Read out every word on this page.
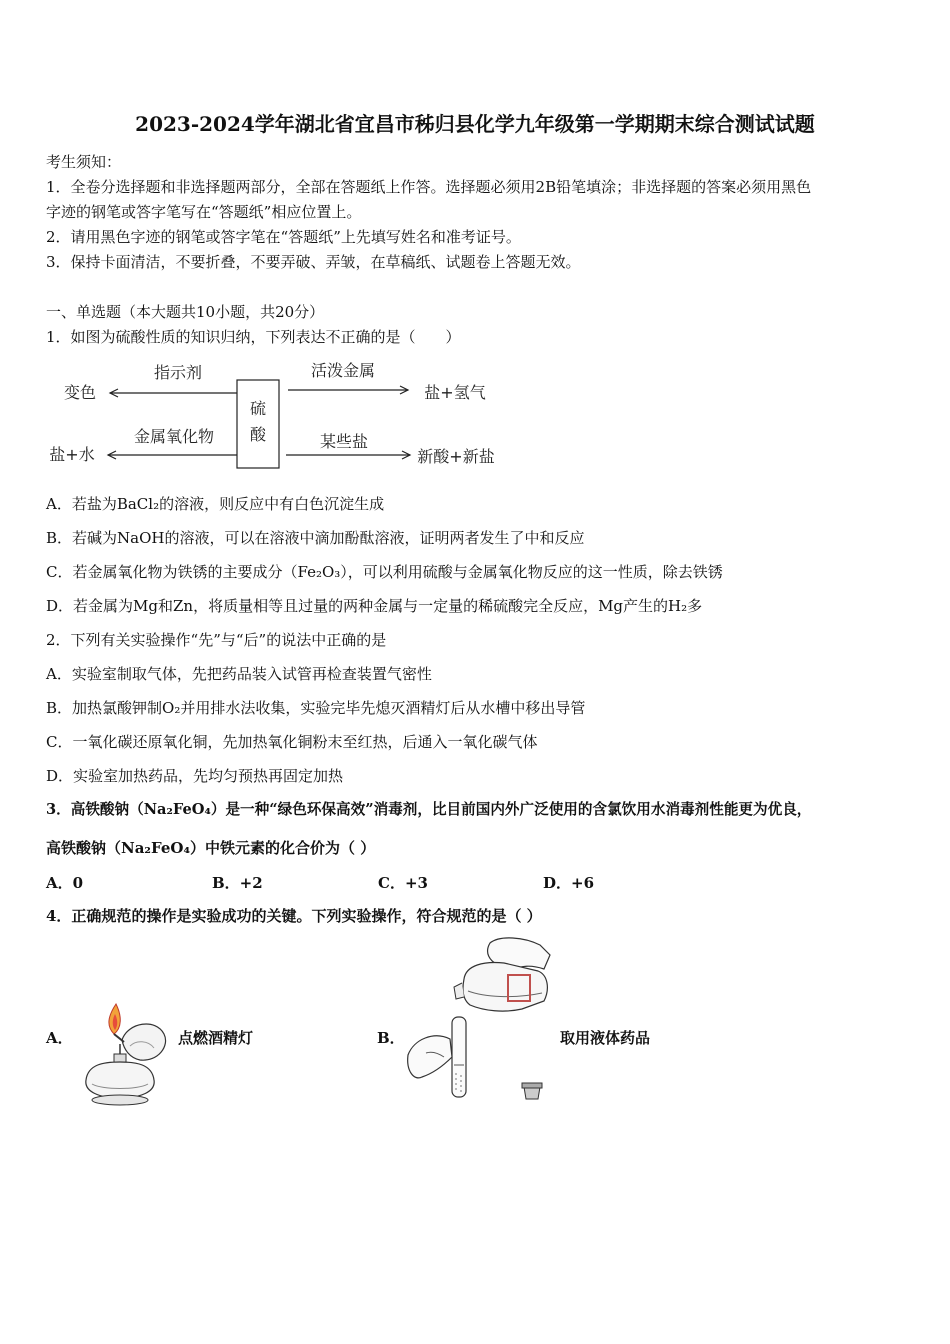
2023-2024学年湖北省宜昌市秭归县化学九年级第一学期期末综合测试试题
考生须知：
1．全卷分选择题和非选择题两部分，全部在答题纸上作答。选择题必须用2B铅笔填涂；非选择题的答案必须用黑色
字迹的钢笔或答字笔写在“答题纸”相应位置上。
2．请用黑色字迹的钢笔或答字笔在“答题纸”上先填写姓名和准考证号。
3．保持卡面清洁，不要折叠，不要弄破、弄皱，在草稿纸、试题卷上答题无效。
一、单选题（本大题共10小题，共20分）
1．如图为硫酸性质的知识归纳，下列表达不正确的是（　　）
硫
酸
指示剂
变色
金属氧化物
盐+水
活泼金属
盐+氢气
某些盐
新酸+新盐
A．若盐为BaCl₂的溶液，则反应中有白色沉淀生成
B．若碱为NaOH的溶液，可以在溶液中滴加酚酞溶液，证明两者发生了中和反应
C．若金属氧化物为铁锈的主要成分（Fe₂O₃），可以利用硫酸与金属氧化物反应的这一性质，除去铁锈
D．若金属为Mg和Zn，将质量相等且过量的两种金属与一定量的稀硫酸完全反应，Mg产生的H₂多
2．下列有关实验操作“先”与“后”的说法中正确的是
A．实验室制取气体，先把药品装入试管再检查装置气密性
B．加热氯酸钾制O₂并用排水法收集，实验完毕先熄灭酒精灯后从水槽中移出导管
C．一氧化碳还原氧化铜，先加热氧化铜粉末至红热，后通入一氧化碳气体
D．实验室加热药品，先均匀预热再固定加热
3．高铁酸钠（Na₂FeO₄）是一种“绿色环保高效”消毒剂，比目前国内外广泛使用的含氯饮用水消毒剂性能更为优良，
高铁酸钠（Na₂FeO₄）中铁元素的化合价为（ ）
A．0	B．+2	C．+3	D．+6
4．正确规范的操作是实验成功的关键。下列实验操作，符合规范的是（ ）
A．	点燃酒精灯	B．	取用液体药品
